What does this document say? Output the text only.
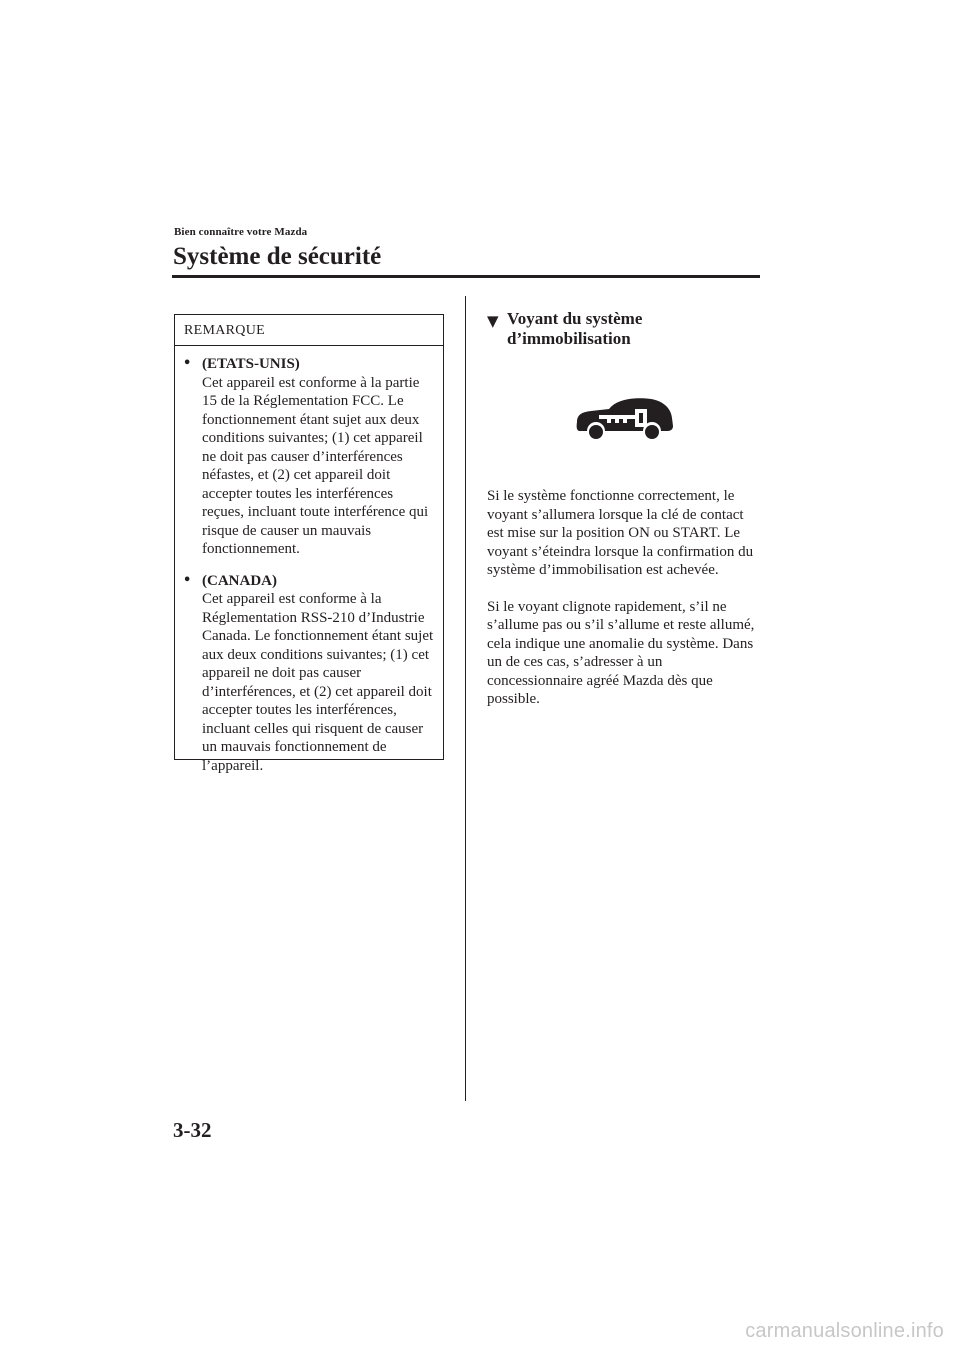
Bien connaître votre Mazda
Système de sécurité
REMARQUE
• (ETATS-UNIS)
Cet appareil est conforme à la partie 15 de la Réglementation FCC. Le fonctionnement étant sujet aux deux conditions suivantes; (1) cet appareil ne doit pas causer d’interférences néfastes, et (2) cet appareil doit accepter toutes les interférences reçues, incluant toute interférence qui risque de causer un mauvais fonctionnement.
• (CANADA)
Cet appareil est conforme à la Réglementation RSS-210 d’Industrie Canada. Le fonctionnement étant sujet aux deux conditions suivantes; (1) cet appareil ne doit pas causer d’interférences, et (2) cet appareil doit accepter toutes les interférences, incluant celles qui risquent de causer un mauvais fonctionnement de l’appareil.
▼ Voyant du système d’immobilisation

Si le système fonctionne correctement, le voyant s’allumera lorsque la clé de contact est mise sur la position ON ou START. Le voyant s’éteindra lorsque la confirmation du système d’immobilisation est achevée.

Si le voyant clignote rapidement, s’il ne s’allume pas ou s’il s’allume et reste allumé, cela indique une anomalie du système. Dans un de ces cas, s’adresser à un concessionnaire agréé Mazda dès que possible.

3-32
carmanualsonline.info
